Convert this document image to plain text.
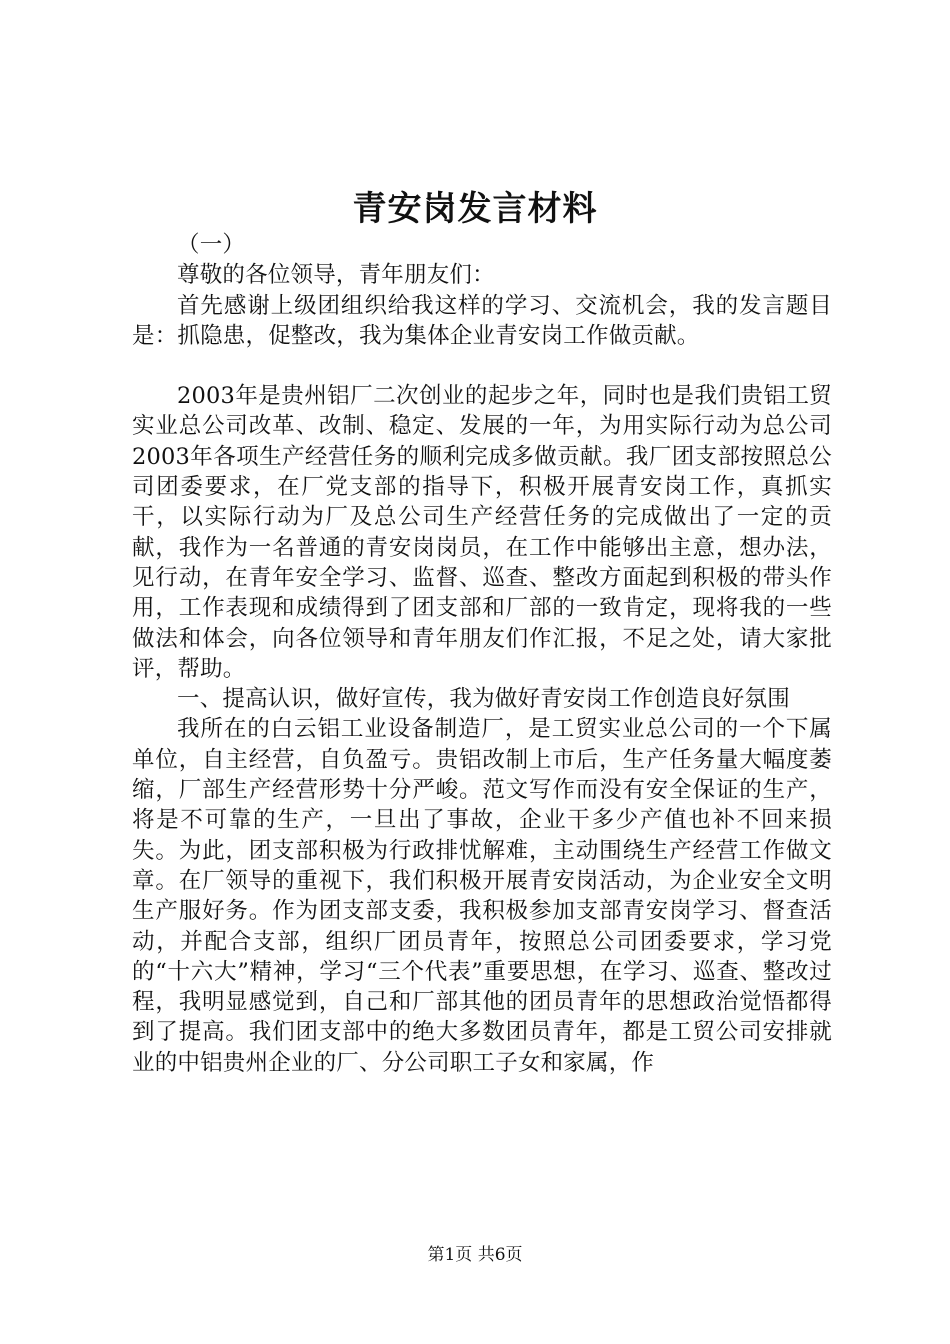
青安岗发言材料

（一）

尊敬的各位领导，青年朋友们：

首先感谢上级团组织给我这样的学习、交流机会，我的发言题目是：抓隐患，促整改，我为集体企业青安岗工作做贡献。

2003年是贵州铝厂二次创业的起步之年，同时也是我们贵铝工贸实业总公司改革、改制、稳定、发展的一年，为用实际行动为总公司2003年各项生产经营任务的顺利完成多做贡献。我厂团支部按照总公司团委要求，在厂党支部的指导下，积极开展青安岗工作，真抓实干，以实际行动为厂及总公司生产经营任务的完成做出了一定的贡献，我作为一名普通的青安岗岗员，在工作中能够出主意，想办法，见行动，在青年安全学习、监督、巡查、整改方面起到积极的带头作用，工作表现和成绩得到了团支部和厂部的一致肯定，现将我的一些做法和体会，向各位领导和青年朋友们作汇报，不足之处，请大家批评，帮助。

一、提高认识，做好宣传，我为做好青安岗工作创造良好氛围

我所在的白云铝工业设备制造厂，是工贸实业总公司的一个下属单位，自主经营，自负盈亏。贵铝改制上市后，生产任务量大幅度萎缩，厂部生产经营形势十分严峻。范文写作而没有安全保证的生产，将是不可靠的生产，一旦出了事故，企业干多少产值也补不回来损失。为此，团支部积极为行政排忧解难，主动围绕生产经营工作做文章。在厂领导的重视下，我们积极开展青安岗活动，为企业安全文明生产服好务。作为团支部支委，我积极参加支部青安岗学习、督查活动，并配合支部，组织厂团员青年，按照总公司团委要求，学习党的“十六大”精神，学习“三个代表”重要思想，在学习、巡查、整改过程，我明显感觉到，自己和厂部其他的团员青年的思想政治觉悟都得到了提高。我们团支部中的绝大多数团员青年，都是工贸公司安排就业的中铝贵州企业的厂、分公司职工子女和家属，作

第1页 共6页
